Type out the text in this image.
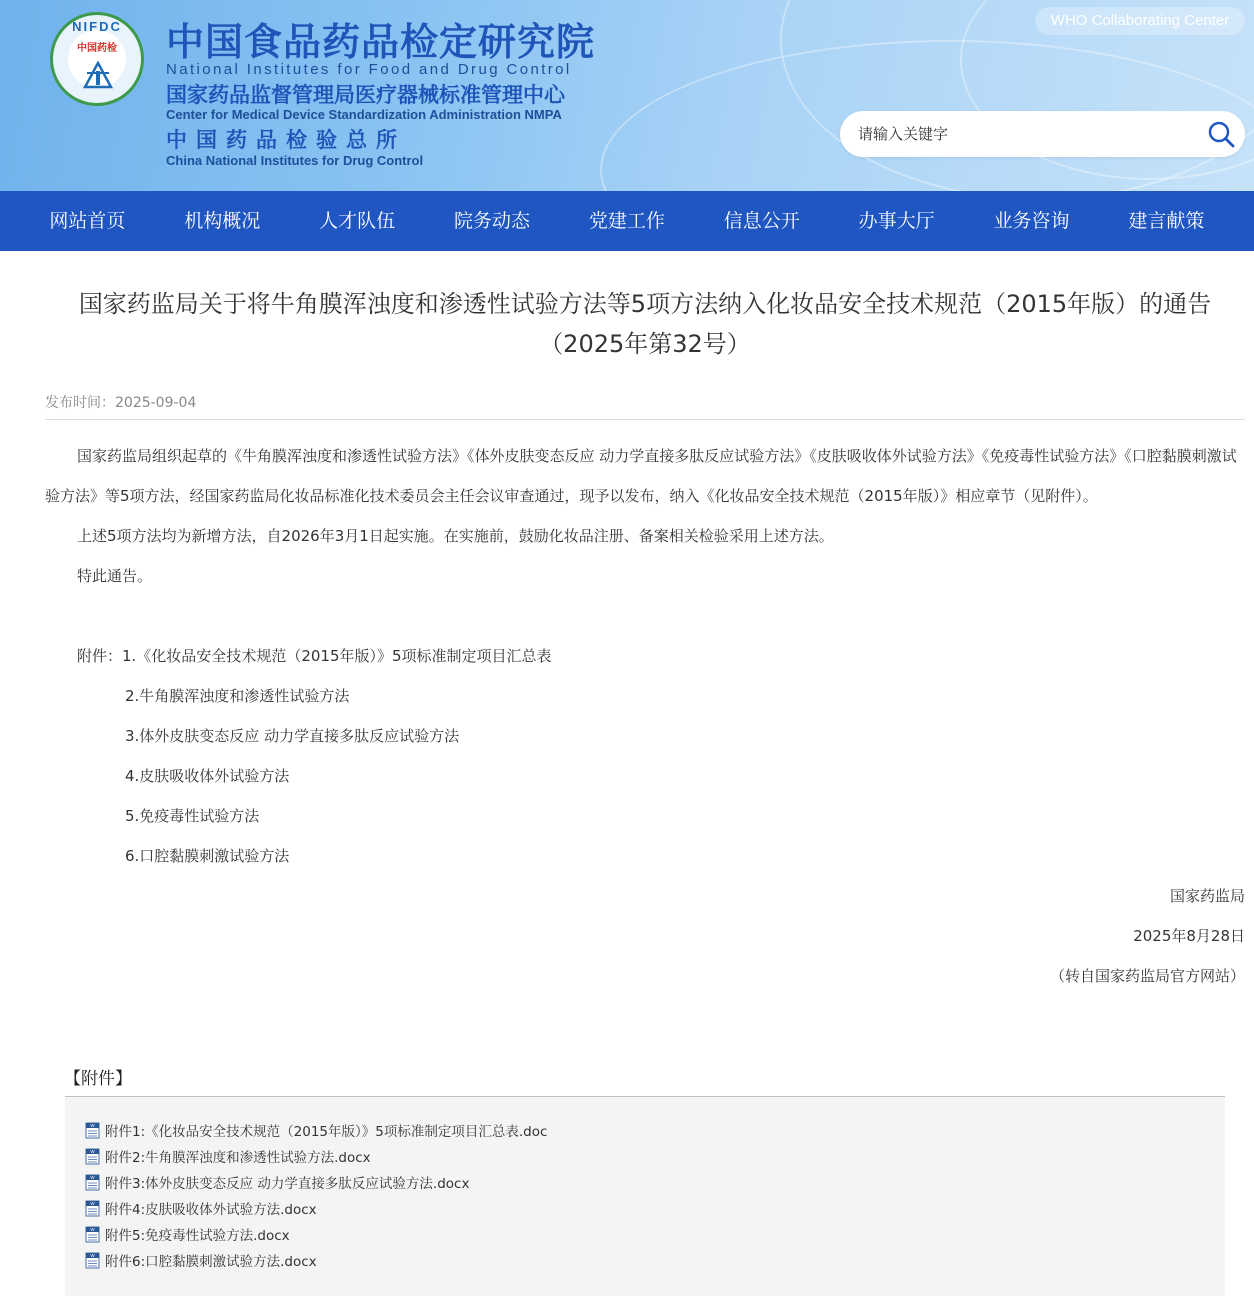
NIFDC
中国药检 中国食品药品检定研究院
National Institutes for Food and Drug Control
国家药品监督管理局医疗器械标准管理中心
Center for Medical Device Standardization Administration NMPA
中国药品检验总所
China National Institutes for Drug Control
WHO Collaborating Center
请输入关键字
网站首页	机构概况	人才队伍	院务动态	党建工作	信息公开	办事大厅	业务咨询	建言献策
国家药监局关于将牛角膜浑浊度和渗透性试验方法等5项方法纳入化妆品安全技术规范（2015年版）的通告（2025年第32号）
发布时间：2025-09-04

国家药监局组织起草的《牛角膜浑浊度和渗透性试验方法》《体外皮肤变态反应 动力学直接多肽反应试验方法》《皮肤吸收体外试验方法》《免疫毒性试验方法》《口腔黏膜刺激试验方法》等5项方法，经国家药监局化妆品标准化技术委员会主任会议审查通过，现予以发布，纳入《化妆品安全技术规范（2015年版）》相应章节（见附件）。

上述5项方法均为新增方法，自2026年3月1日起实施。在实施前，鼓励化妆品注册、备案相关检验采用上述方法。

特此通告。

附件：1.《化妆品安全技术规范（2015年版）》5项标准制定项目汇总表

2.牛角膜浑浊度和渗透性试验方法

3.体外皮肤变态反应 动力学直接多肽反应试验方法

4.皮肤吸收体外试验方法

5.免疫毒性试验方法

6.口腔黏膜刺激试验方法

国家药监局

2025年8月28日

（转自国家药监局官方网站）

【附件】
W 附件1:《化妆品安全技术规范（2015年版）》5项标准制定项目汇总表.doc
W 附件2:牛角膜浑浊度和渗透性试验方法.docx
W 附件3:体外皮肤变态反应 动力学直接多肽反应试验方法.docx
W 附件4:皮肤吸收体外试验方法.docx
W 附件5:免疫毒性试验方法.docx
W 附件6:口腔黏膜刺激试验方法.docx
